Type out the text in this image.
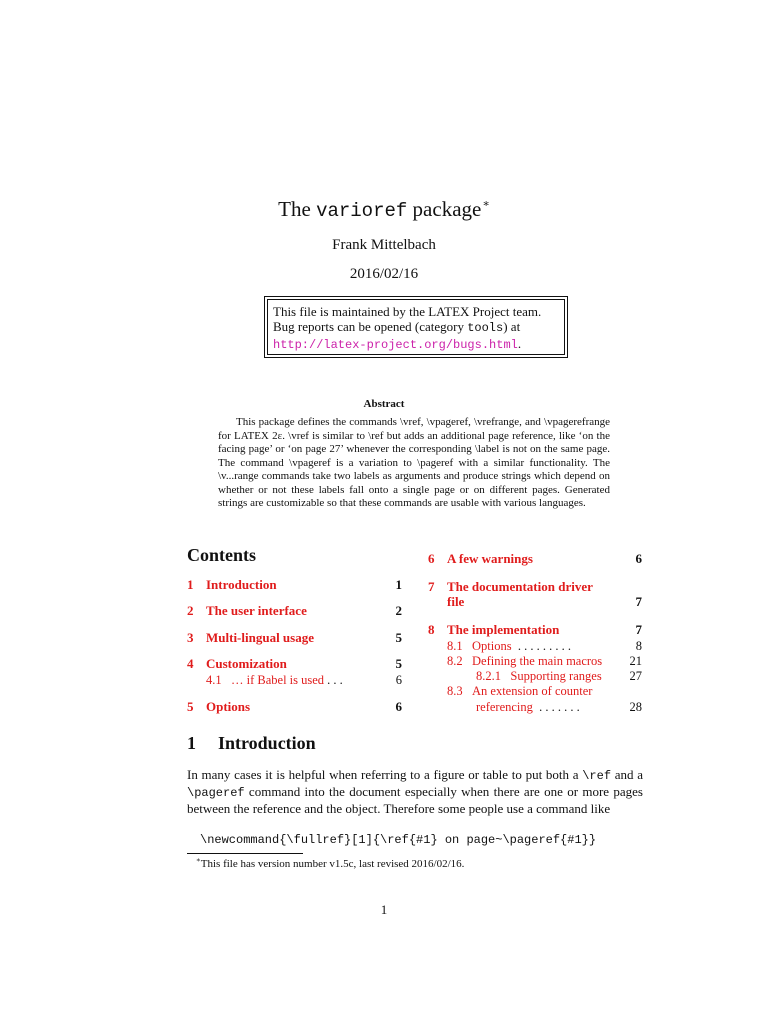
The varioref package∗
Frank Mittelbach
2016/02/16
This file is maintained by the LATEX Project team.
Bug reports can be opened (category tools) at
http://latex-project.org/bugs.html.
Abstract

This package defines the commands \vref, \vpageref, \vrefrange, and \vpagerefrange for LATEX 2ε. \vref is similar to \ref but adds an additional page reference, like ‘on the facing page’ or ‘on page 27’ whenever the corresponding \label is not on the same page. The command \vpageref is a variation to \pageref with a similar functionality. The \v...range commands take two labels as arguments and produce strings which depend on whether or not these labels fall onto a single page or on different pages. Generated strings are customizable so that these commands are usable with various languages.

Contents
1 Introduction	1
2 The user interface	2
3 Multi-lingual usage	5
4 Customization	5
4.1 … if Babel is used . . .	6
5 Options	6
6 A few warnings	6
7 The documentation driver
file	7
8 The implementation	7
8.1 Options . . . . . . . . .	8
8.2 Defining the main macros	21
8.2.1 Supporting ranges	27
8.3 An extension of counter
referencing . . . . . . .	28
1 Introduction
In many cases it is helpful when referring to a figure or table to put both a \ref and a \pageref command into the document especially when there are one or more pages between the reference and the object. Therefore some people use a command like
\newcommand{\fullref}[1]{\ref{#1} on page~\pageref{#1}}
∗This file has version number v1.5c, last revised 2016/02/16.
1
